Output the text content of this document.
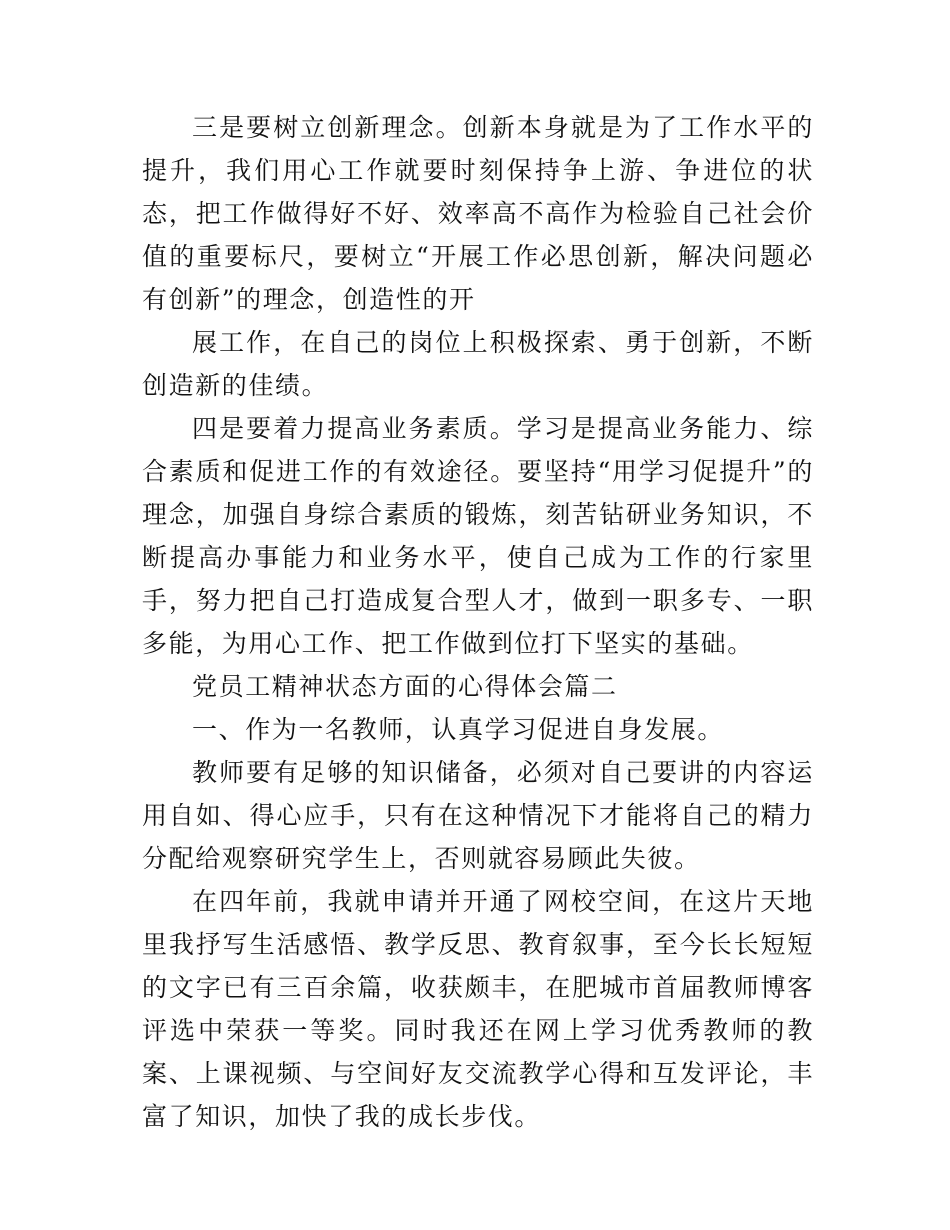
三是要树立创新理念。创新本身就是为了工作水平的提升，我们用心工作就要时刻保持争上游、争进位的状态，把工作做得好不好、效率高不高作为检验自己社会价值的重要标尺，要树立“开展工作必思创新，解决问题必有创新”的理念，创造性的开

展工作，在自己的岗位上积极探索、勇于创新，不断创造新的佳绩。

四是要着力提高业务素质。学习是提高业务能力、综合素质和促进工作的有效途径。要坚持“用学习促提升”的理念，加强自身综合素质的锻炼，刻苦钻研业务知识，不断提高办事能力和业务水平，使自己成为工作的行家里手，努力把自己打造成复合型人才，做到一职多专、一职多能，为用心工作、把工作做到位打下坚实的基础。

党员工精神状态方面的心得体会篇二

一、作为一名教师，认真学习促进自身发展。

教师要有足够的知识储备，必须对自己要讲的内容运用自如、得心应手，只有在这种情况下才能将自己的精力分配给观察研究学生上，否则就容易顾此失彼。

在四年前，我就申请并开通了网校空间，在这片天地里我抒写生活感悟、教学反思、教育叙事，至今长长短短的文字已有三百余篇，收获颇丰，在肥城市首届教师博客评选中荣获一等奖。同时我还在网上学习优秀教师的教案、上课视频、与空间好友交流教学心得和互发评论，丰富了知识，加快了我的成长步伐。
